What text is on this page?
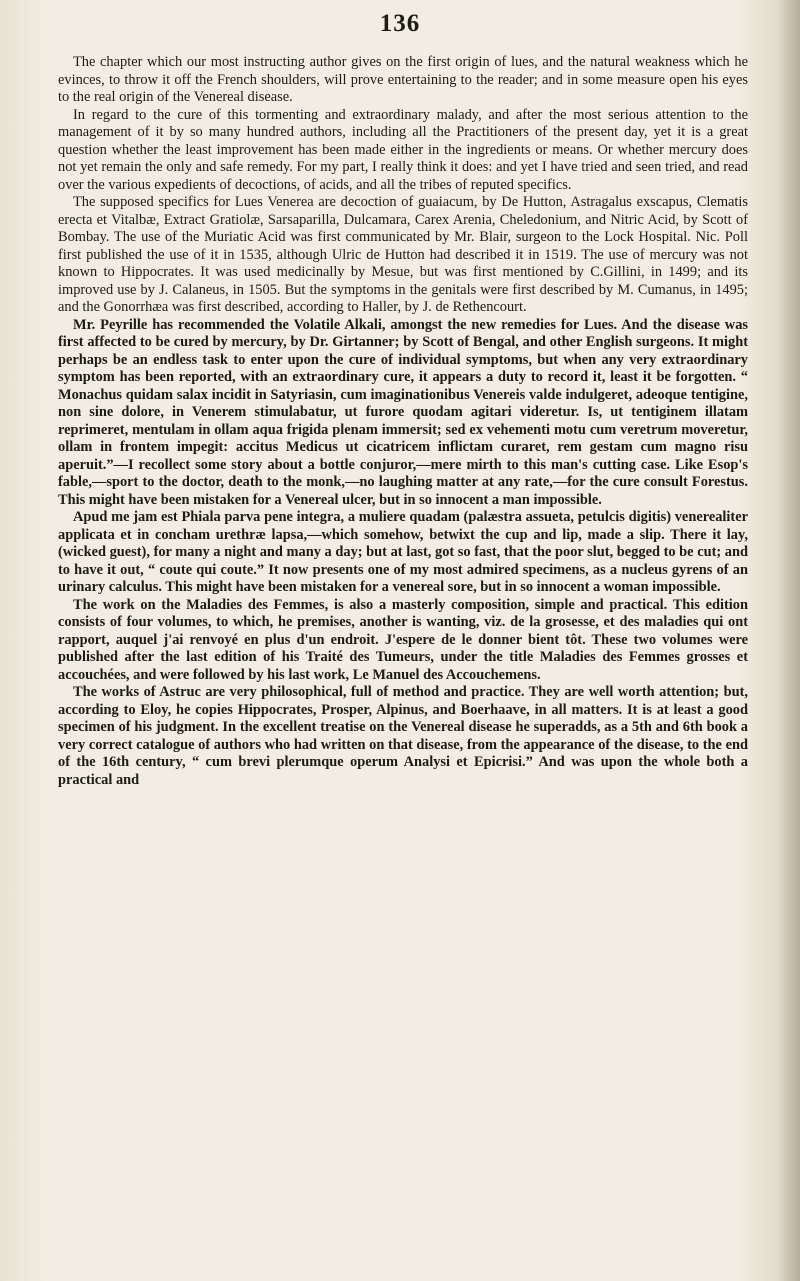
136

The chapter which our most instructing author gives on the first origin of lues, and the natural weakness which he evinces, to throw it off the French shoulders, will prove entertaining to the reader; and in some measure open his eyes to the real origin of the Venereal disease.

In regard to the cure of this tormenting and extraordinary malady, and after the most serious attention to the management of it by so many hundred authors, including all the Practitioners of the present day, yet it is a great question whether the least improvement has been made either in the ingredients or means. Or whether mercury does not yet remain the only and safe remedy. For my part, I really think it does: and yet I have tried and seen tried, and read over the various expedients of decoctions, of acids, and all the tribes of reputed specifics.

The supposed specifics for Lues Venerea are decoction of guaiacum, by De Hutton, Astragalus exscapus, Clematis erecta et Vitalbæ, Extract Gratiolæ, Sarsaparilla, Dulcamara, Carex Arenia, Cheledonium, and Nitric Acid, by Scott of Bombay. The use of the Muriatic Acid was first communicated by Mr. Blair, surgeon to the Lock Hospital. Nic. Poll first published the use of it in 1535, although Ulric de Hutton had described it in 1519. The use of mercury was not known to Hippocrates. It was used medicinally by Mesue, but was first mentioned by C.Gillini, in 1499; and its improved use by J. Calaneus, in 1505. But the symptoms in the genitals were first described by M. Cumanus, in 1495; and the Gonorrhæa was first described, according to Haller, by J. de Rethencourt.

Mr. Peyrille has recommended the Volatile Alkali, amongst the new remedies for Lues. And the disease was first affected to be cured by mercury, by Dr. Girtanner; by Scott of Bengal, and other English surgeons. It might perhaps be an endless task to enter upon the cure of individual symptoms, but when any very extraordinary symptom has been reported, with an extraordinary cure, it appears a duty to record it, least it be forgotten. “ Monachus quidam salax incidit in Satyriasin, cum imaginationibus Venereis valde indulgeret, adeoque tentigine, non sine dolore, in Venerem stimulabatur, ut furore quodam agitari videretur. Is, ut tentiginem illatam reprimeret, mentulam in ollam aqua frigida plenam immersit; sed ex vehementi motu cum veretrum moveretur, ollam in frontem impegit: accitus Medicus ut cicatricem inflictam curaret, rem gestam cum magno risu aperuit.”—I recollect some story about a bottle conjuror,—mere mirth to this man's cutting case. Like Esop's fable,—sport to the doctor, death to the monk,—no laughing matter at any rate,—for the cure consult Forestus. This might have been mistaken for a Venereal ulcer, but in so innocent a man impossible.

Apud me jam est Phiala parva pene integra, a muliere quadam (palæstra assueta, petulcis digitis) venerealiter applicata et in concham urethræ lapsa,—which somehow, betwixt the cup and lip, made a slip. There it lay, (wicked guest), for many a night and many a day; but at last, got so fast, that the poor slut, begged to be cut; and to have it out, “ coute qui coute.” It now presents one of my most admired specimens, as a nucleus gyrens of an urinary calculus. This might have been mistaken for a venereal sore, but in so innocent a woman impossible.

The work on the Maladies des Femmes, is also a masterly composition, simple and practical. This edition consists of four volumes, to which, he premises, another is wanting, viz. de la grosesse, et des maladies qui ont rapport, auquel j'ai renvoyé en plus d'un endroit. J'espere de le donner bient tôt. These two volumes were published after the last edition of his Traité des Tumeurs, under the title Maladies des Femmes grosses et accouchées, and were followed by his last work, Le Manuel des Accouchemens.

The works of Astruc are very philosophical, full of method and practice. They are well worth attention; but, according to Eloy, he copies Hippocrates, Prosper, Alpinus, and Boerhaave, in all matters. It is at least a good specimen of his judgment. In the excellent treatise on the Venereal disease he superadds, as a 5th and 6th book a very correct catalogue of authors who had written on that disease, from the appearance of the disease, to the end of the 16th century, “ cum brevi plerumque operum Analysi et Epicrisi.” And was upon the whole both a practical and
